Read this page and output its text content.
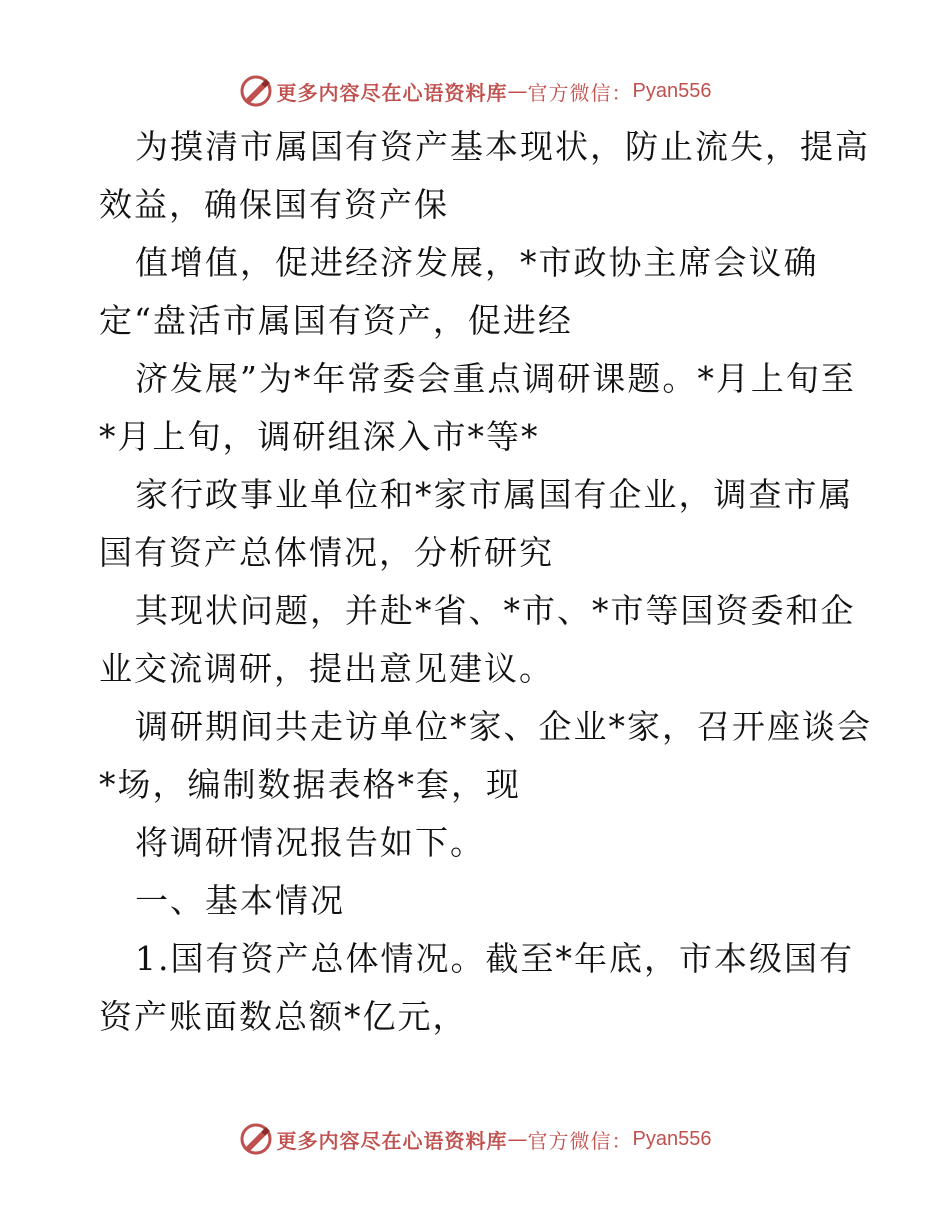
更多内容尽在心语资料库 — 官方微信： Pyan556
为摸清市属国有资产基本现状，防止流失，提高
效益，确保国有资产保
值增值，促进经济发展，*市政协主席会议确
定“盘活市属国有资产，促进经
济发展”为*年常委会重点调研课题。*月上旬至
*月上旬，调研组深入市*等*
家行政事业单位和*家市属国有企业，调查市属
国有资产总体情况，分析研究
其现状问题，并赴*省、*市、*市等国资委和企
业交流调研，提出意见建议。
调研期间共走访单位*家、企业*家，召开座谈会
*场，编制数据表格*套，现
将调研情况报告如下。
一、基本情况
1.国有资产总体情况。截至*年底，市本级国有
资产账面数总额*亿元，
更多内容尽在心语资料库 — 官方微信： Pyan556
